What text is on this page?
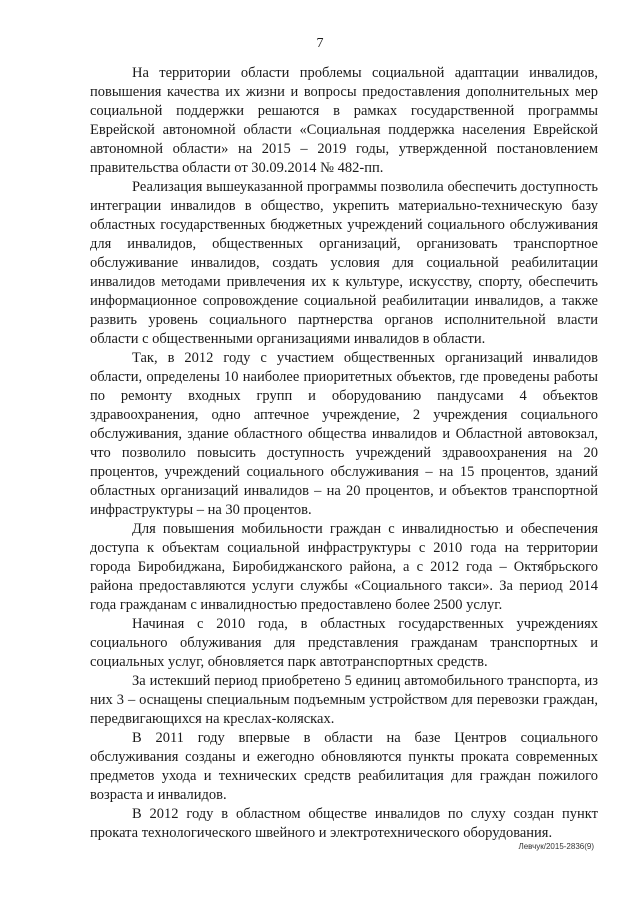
7

На территории области проблемы социальной адаптации инвалидов, повышения качества их жизни и вопросы предоставления дополнительных мер социальной поддержки решаются в рамках государственной программы Еврейской автономной области «Социальная поддержка населения Еврейской автономной области» на 2015 – 2019 годы, утвержденной постановлением правительства области от 30.09.2014 № 482-пп.

Реализация вышеуказанной программы позволила обеспечить доступность интеграции инвалидов в общество, укрепить материально-техническую базу областных государственных бюджетных учреждений социального обслуживания для инвалидов, общественных организаций, организовать транспортное обслуживание инвалидов, создать условия для социальной реабилитации инвалидов методами привлечения их к культуре, искусству, спорту, обеспечить информационное сопровождение социальной реабилитации инвалидов, а также развить уровень социального партнерства органов исполнительной власти области с общественными организациями инвалидов в области.

Так, в 2012 году с участием общественных организаций инвалидов области, определены 10 наиболее приоритетных объектов, где проведены работы по ремонту входных групп и оборудованию пандусами 4 объектов здравоохранения, одно аптечное учреждение, 2 учреждения социального обслуживания, здание областного общества инвалидов и Областной автовокзал, что позволило повысить доступность учреждений здравоохранения на 20 процентов, учреждений социального обслуживания – на 15 процентов, зданий областных организаций инвалидов – на 20 процентов, и объектов транспортной инфраструктуры – на 30 процентов.

Для повышения мобильности граждан с инвалидностью и обеспечения доступа к объектам социальной инфраструктуры с 2010 года на территории города Биробиджана, Биробиджанского района, а с 2012 года – Октябрьского района предоставляются услуги службы «Социального такси». За период 2014 года гражданам с инвалидностью предоставлено более 2500 услуг.

Начиная с 2010 года, в областных государственных учреждениях социального облуживания для представления гражданам транспортных и социальных услуг, обновляется парк автотранспортных средств.

За истекший период приобретено 5 единиц автомобильного транспорта, из них 3 – оснащены специальным подъемным устройством для перевозки граждан, передвигающихся на креслах-колясках.

В 2011 году впервые в области на базе Центров социального обслуживания созданы и ежегодно обновляются пункты проката современных предметов ухода и технических средств реабилитация для граждан пожилого возраста и инвалидов.

В 2012 году в областном обществе инвалидов по слуху создан пункт проката технологического швейного и электротехнического оборудования.

Левчук/2015-2836(9)
